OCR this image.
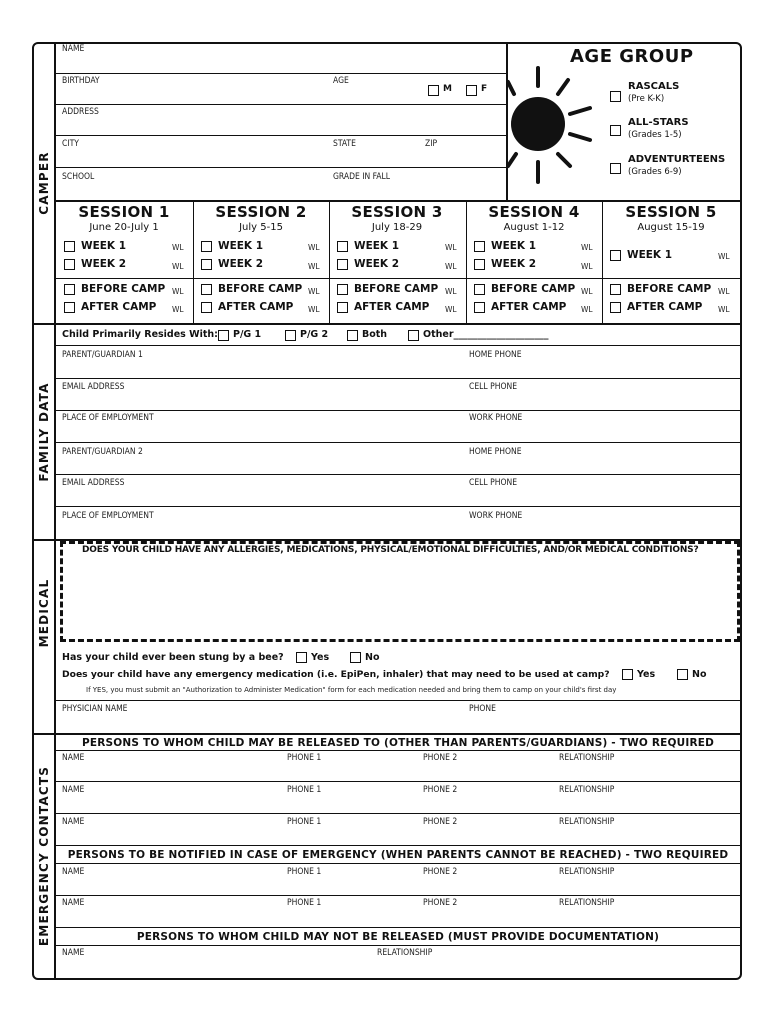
CAMPER
FAMILY DATA
MEDICAL
EMERGENCY CONTACTS
NAME
BIRTHDAY	AGE
M	F
ADDRESS
CITY	STATE	ZIP
SCHOOL	GRADE IN FALL
AGE GROUP
RASCALS
(Pre K-K)
ALL-STARS
(Grades 1-5)
ADVENTURTEENS
(Grades 6-9)
SESSION 1
June 20-July 1
WEEK 1	WL
WEEK 2	WL
BEFORE CAMP WL
AFTER CAMP WL
SESSION 2
July 5-15
WEEK 1	WL
WEEK 2	WL
BEFORE CAMP WL
AFTER CAMP WL
SESSION 3
July 18-29
WEEK 1	WL
WEEK 2	WL
BEFORE CAMP WL
AFTER CAMP WL
SESSION 4
August 1-12
WEEK 1	WL
WEEK 2	WL
BEFORE CAMP WL
AFTER CAMP WL
SESSION 5
August 15-19
WEEK 1	WL
BEFORE CAMP WL
AFTER CAMP WL
Child Primarily Resides With: P/G 1	P/G 2	Both	Other____________________
PARENT/GUARDIAN 1	HOME PHONE
EMAIL ADDRESS	CELL PHONE
PLACE OF EMPLOYMENT	WORK PHONE
PARENT/GUARDIAN 2	HOME PHONE
EMAIL ADDRESS	CELL PHONE
PLACE OF EMPLOYMENT	WORK PHONE
DOES YOUR CHILD HAVE ANY ALLERGIES, MEDICATIONS, PHYSICAL/EMOTIONAL DIFFICULTIES, AND/OR MEDICAL CONDITIONS?
Has your child ever been stung by a bee?	Yes	No
Does your child have any emergency medication (i.e. EpiPen, inhaler) that may need to be used at camp?	Yes	No
If YES, you must submit an "Authorization to Administer Medication" form for each medication needed and bring them to camp on your child's first day
PHYSICIAN NAME	PHONE
PERSONS TO WHOM CHILD MAY BE RELEASED TO (OTHER THAN PARENTS/GUARDIANS) - TWO REQUIRED
NAME	PHONE 1	PHONE 2	RELATIONSHIP
NAME	PHONE 1	PHONE 2	RELATIONSHIP
NAME	PHONE 1	PHONE 2	RELATIONSHIP
PERSONS TO BE NOTIFIED IN CASE OF EMERGENCY (WHEN PARENTS CANNOT BE REACHED) - TWO REQUIRED
NAME	PHONE 1	PHONE 2	RELATIONSHIP
NAME	PHONE 1	PHONE 2	RELATIONSHIP
PERSONS TO WHOM CHILD MAY NOT BE RELEASED (MUST PROVIDE DOCUMENTATION)
NAME	RELATIONSHIP
